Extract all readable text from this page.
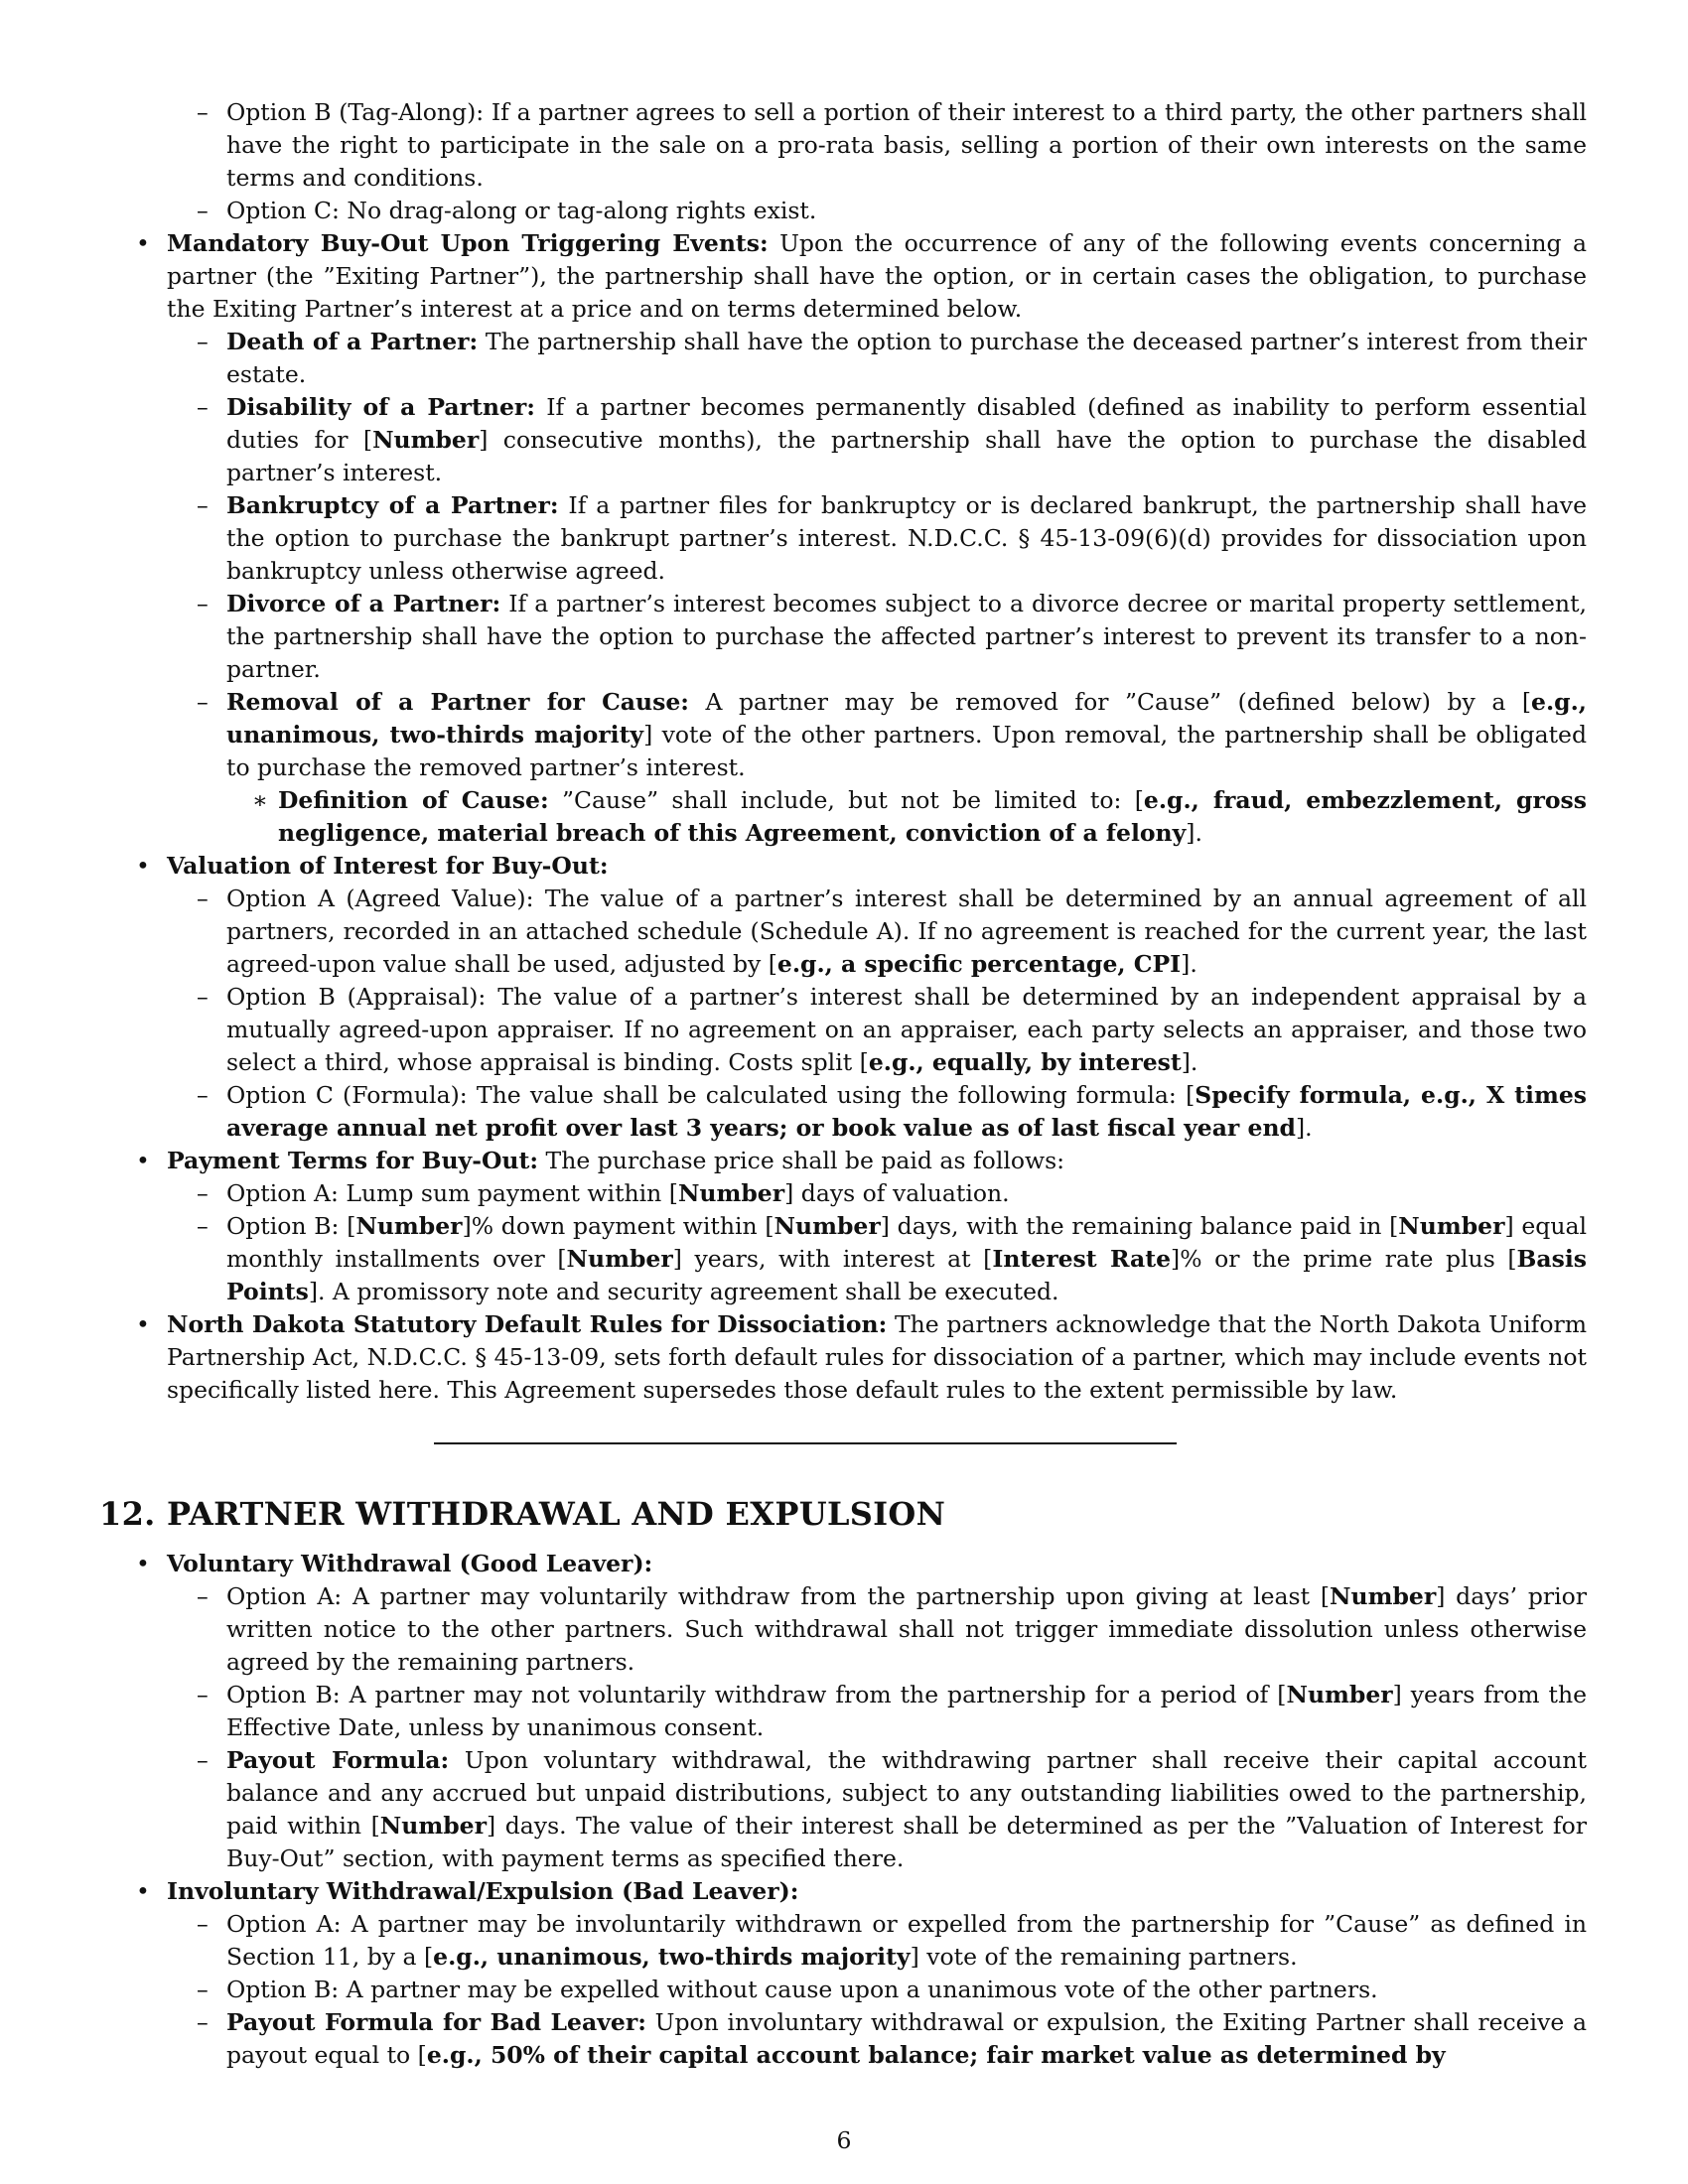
– Option B (Tag-Along): If a partner agrees to sell a portion of their interest to a third party, the other partners shall have the right to participate in the sale on a pro-rata basis, selling a portion of their own interests on the same terms and conditions.
– Option C: No drag-along or tag-along rights exist.
• Mandatory Buy-Out Upon Triggering Events: Upon the occurrence of any of the following events concerning a partner (the ”Exiting Partner”), the partnership shall have the option, or in certain cases the obligation, to purchase the Exiting Partner’s interest at a price and on terms determined below.
– Death of a Partner: The partnership shall have the option to purchase the deceased partner’s interest from their estate.
– Disability of a Partner: If a partner becomes permanently disabled (defined as inability to perform essential duties for [Number] consecutive months), the partnership shall have the option to purchase the disabled partner’s interest.
– Bankruptcy of a Partner: If a partner files for bankruptcy or is declared bankrupt, the partnership shall have the option to purchase the bankrupt partner’s interest. N.D.C.C. § 45-13-09(6)(d) provides for dissociation upon bankruptcy unless otherwise agreed.
– Divorce of a Partner: If a partner’s interest becomes subject to a divorce decree or marital property settlement, the partnership shall have the option to purchase the affected partner’s interest to prevent its transfer to a non-partner.
– Removal of a Partner for Cause: A partner may be removed for ”Cause” (defined below) by a [e.g., unanimous, two-thirds majority] vote of the other partners. Upon removal, the partnership shall be obligated to purchase the removed partner’s interest.
∗ Definition of Cause: ”Cause” shall include, but not be limited to: [e.g., fraud, embezzlement, gross negligence, material breach of this Agreement, conviction of a felony].
• Valuation of Interest for Buy-Out:
– Option A (Agreed Value): The value of a partner’s interest shall be determined by an annual agreement of all partners, recorded in an attached schedule (Schedule A). If no agreement is reached for the current year, the last agreed-upon value shall be used, adjusted by [e.g., a specific percentage, CPI].
– Option B (Appraisal): The value of a partner’s interest shall be determined by an independent appraisal by a mutually agreed-upon appraiser. If no agreement on an appraiser, each party selects an appraiser, and those two select a third, whose appraisal is binding. Costs split [e.g., equally, by interest].
– Option C (Formula): The value shall be calculated using the following formula: [Specify formula, e.g., X times average annual net profit over last 3 years; or book value as of last fiscal year end].
• Payment Terms for Buy-Out: The purchase price shall be paid as follows:
– Option A: Lump sum payment within [Number] days of valuation.
– Option B: [Number]% down payment within [Number] days, with the remaining balance paid in [Number] equal monthly installments over [Number] years, with interest at [Interest Rate]% or the prime rate plus [Basis Points]. A promissory note and security agreement shall be executed.
• North Dakota Statutory Default Rules for Dissociation: The partners acknowledge that the North Dakota Uniform Partnership Act, N.D.C.C. § 45-13-09, sets forth default rules for dissociation of a partner, which may include events not specifically listed here. This Agreement supersedes those default rules to the extent permissible by law.
12. PARTNER WITHDRAWAL AND EXPULSION
• Voluntary Withdrawal (Good Leaver):
– Option A: A partner may voluntarily withdraw from the partnership upon giving at least [Number] days’ prior written notice to the other partners. Such withdrawal shall not trigger immediate dissolution unless otherwise agreed by the remaining partners.
– Option B: A partner may not voluntarily withdraw from the partnership for a period of [Number] years from the Effective Date, unless by unanimous consent.
– Payout Formula: Upon voluntary withdrawal, the withdrawing partner shall receive their capital account balance and any accrued but unpaid distributions, subject to any outstanding liabilities owed to the partnership, paid within [Number] days. The value of their interest shall be determined as per the ”Valuation of Interest for Buy-Out” section, with payment terms as specified there.
• Involuntary Withdrawal/Expulsion (Bad Leaver):
– Option A: A partner may be involuntarily withdrawn or expelled from the partnership for ”Cause” as defined in Section 11, by a [e.g., unanimous, two-thirds majority] vote of the remaining partners.
– Option B: A partner may be expelled without cause upon a unanimous vote of the other partners.
– Payout Formula for Bad Leaver: Upon involuntary withdrawal or expulsion, the Exiting Partner shall receive a payout equal to [e.g., 50% of their capital account balance; fair market value as determined by
6
